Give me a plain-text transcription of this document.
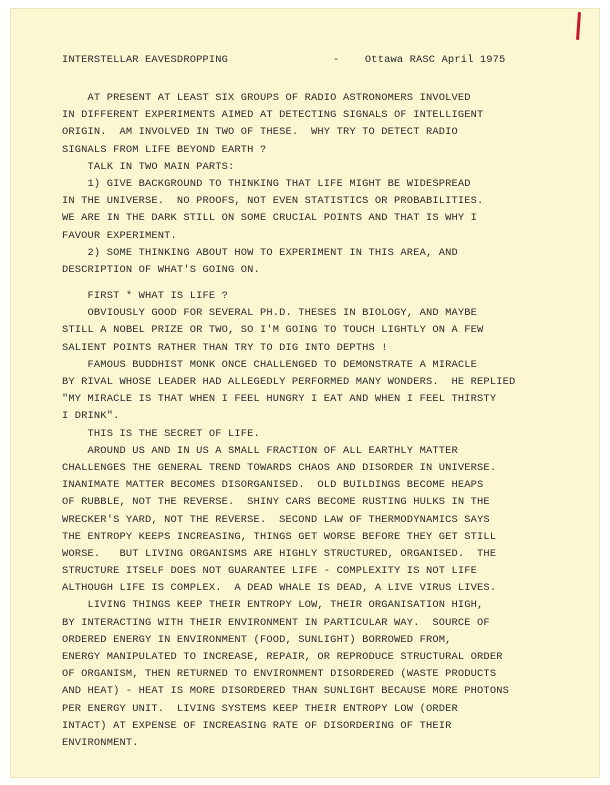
INTERSTELLAR EAVESDROPPING	-    Ottawa RASC April 1975
AT PRESENT AT LEAST SIX GROUPS OF RADIO ASTRONOMERS INVOLVED
IN DIFFERENT EXPERIMENTS AIMED AT DETECTING SIGNALS OF INTELLIGENT
ORIGIN.  AM INVOLVED IN TWO OF THESE.  WHY TRY TO DETECT RADIO
SIGNALS FROM LIFE BEYOND EARTH ?
TALK IN TWO MAIN PARTS:
1) GIVE BACKGROUND TO THINKING THAT LIFE MIGHT BE WIDESPREAD
IN THE UNIVERSE.  NO PROOFS, NOT EVEN STATISTICS OR PROBABILITIES.
WE ARE IN THE DARK STILL ON SOME CRUCIAL POINTS AND THAT IS WHY I
FAVOUR EXPERIMENT.
2) SOME THINKING ABOUT HOW TO EXPERIMENT IN THIS AREA, AND
DESCRIPTION OF WHAT'S GOING ON.
FIRST * WHAT IS LIFE ?
OBVIOUSLY GOOD FOR SEVERAL PH.D. THESES IN BIOLOGY, AND MAYBE
STILL A NOBEL PRIZE OR TWO, SO I'M GOING TO TOUCH LIGHTLY ON A FEW
SALIENT POINTS RATHER THAN TRY TO DIG INTO DEPTHS !
FAMOUS BUDDHIST MONK ONCE CHALLENGED TO DEMONSTRATE A MIRACLE
BY RIVAL WHOSE LEADER HAD ALLEGEDLY PERFORMED MANY WONDERS.  HE REPLIED
"MY MIRACLE IS THAT WHEN I FEEL HUNGRY I EAT AND WHEN I FEEL THIRSTY
I DRINK".
THIS IS THE SECRET OF LIFE.
AROUND US AND IN US A SMALL FRACTION OF ALL EARTHLY MATTER
CHALLENGES THE GENERAL TREND TOWARDS CHAOS AND DISORDER IN UNIVERSE.
INANIMATE MATTER BECOMES DISORGANISED.  OLD BUILDINGS BECOME HEAPS
OF RUBBLE, NOT THE REVERSE.  SHINY CARS BECOME RUSTING HULKS IN THE
WRECKER'S YARD, NOT THE REVERSE.  SECOND LAW OF THERMODYNAMICS SAYS
THE ENTROPY KEEPS INCREASING, THINGS GET WORSE BEFORE THEY GET STILL
WORSE.   BUT LIVING ORGANISMS ARE HIGHLY STRUCTURED, ORGANISED.  THE
STRUCTURE ITSELF DOES NOT GUARANTEE LIFE - COMPLEXITY IS NOT LIFE
ALTHOUGH LIFE IS COMPLEX.  A DEAD WHALE IS DEAD, A LIVE VIRUS LIVES.
LIVING THINGS KEEP THEIR ENTROPY LOW, THEIR ORGANISATION HIGH,
BY INTERACTING WITH THEIR ENVIRONMENT IN PARTICULAR WAY.  SOURCE OF
ORDERED ENERGY IN ENVIRONMENT (FOOD, SUNLIGHT) BORROWED FROM,
ENERGY MANIPULATED TO INCREASE, REPAIR, OR REPRODUCE STRUCTURAL ORDER
OF ORGANISM, THEN RETURNED TO ENVIRONMENT DISORDERED (WASTE PRODUCTS
AND HEAT) - HEAT IS MORE DISORDERED THAN SUNLIGHT BECAUSE MORE PHOTONS
PER ENERGY UNIT.  LIVING SYSTEMS KEEP THEIR ENTROPY LOW (ORDER
INTACT) AT EXPENSE OF INCREASING RATE OF DISORDERING OF THEIR
ENVIRONMENT.
